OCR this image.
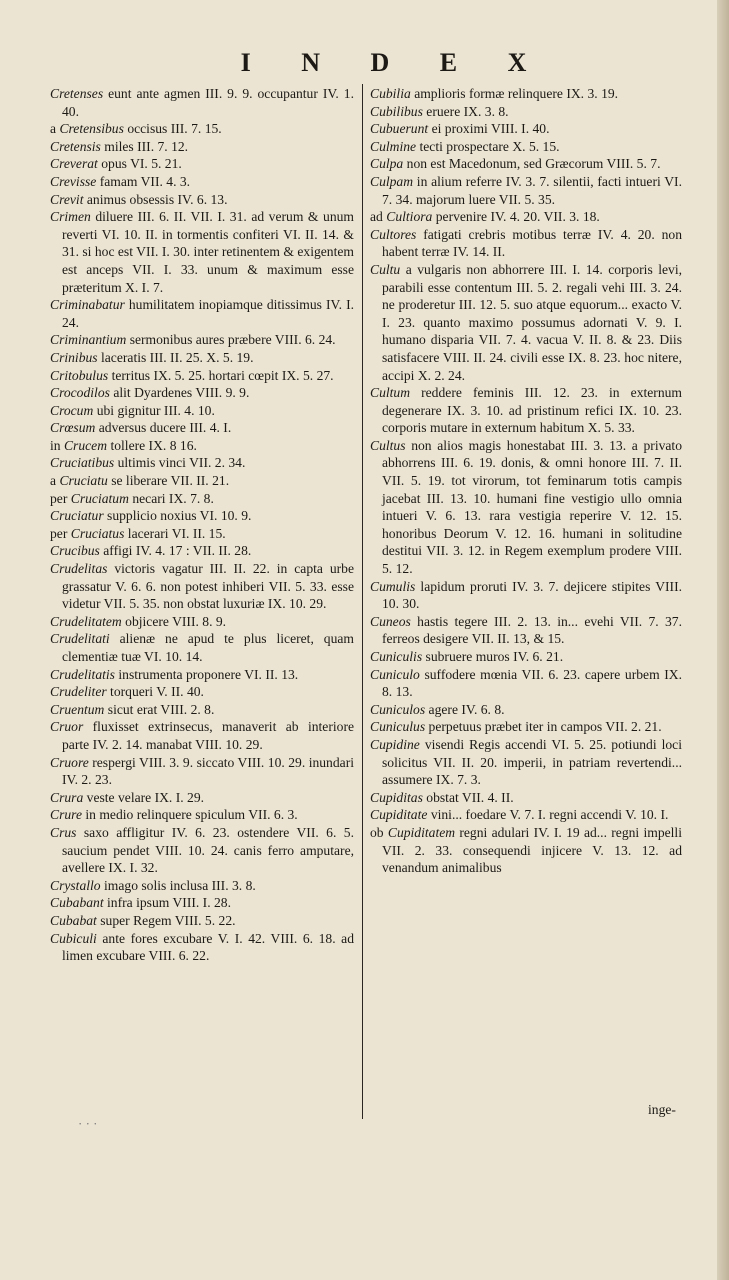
I N D E X
Cretenses eunt ante agmen III. 9. 9. occupantur IV. 1. 40.
a Cretensibus occisus III. 7. 15.
Cretensis miles III. 7. 12.
Creverat opus VI. 5. 21.
Crevisse famam VII. 4. 3.
Crevit animus obsessis IV. 6. 13.
Crimen diluere III. 6. II. VII. I. 31. ad verum & unum reverti VI. 10. II. in tormentis confiteri VI. II. 14. & 31. si hoc est VII. I. 30. inter retinentem & exigentem est anceps VII. I. 33. unum & maximum esse præteritum X. I. 7.
Criminabatur humilitatem inopiamque ditissimus IV. I. 24.
Criminantium sermonibus aures præbere VIII. 6. 24.
Crinibus laceratis III. II. 25. X. 5. 19.
Critobulus territus IX. 5. 25. hortari cœpit IX. 5. 27.
Crocodilos alit Dyardenes VIII. 9. 9.
Crocum ubi gignitur III. 4. 10.
Crœsum adversus ducere III. 4. I.
in Crucem tollere IX. 8 16.
Cruciatibus ultimis vinci VII. 2. 34.
a Cruciatu se liberare VII. II. 21.
per Cruciatum necari IX. 7. 8.
Cruciatur supplicio noxius VI. 10. 9.
per Cruciatus lacerari VI. II. 15.
Crucibus affigi IV. 4. 17 : VII. II. 28.
Crudelitas victoris vagatur III. II. 22. in capta urbe grassatur V. 6. 6. non potest inhiberi VII. 5. 33. esse videtur VII. 5. 35. non obstat luxuriæ IX. 10. 29.
Crudelitatem objicere VIII. 8. 9.
Crudelitati alienæ ne apud te plus liceret, quam clementiæ tuæ VI. 10. 14.
Crudelitatis instrumenta proponere VI. II. 13.
Crudeliter torqueri V. II. 40.
Cruentum sicut erat VIII. 2. 8.
Cruor fluxisset extrinsecus, manaverit ab interiore parte IV. 2. 14. manabat VIII. 10. 29.
Cruore respergi VIII. 3. 9. siccato VIII. 10. 29. inundari IV. 2. 23.
Crura veste velare IX. I. 29.
Crure in medio relinquere spiculum VII. 6. 3.
Crus saxo affligitur IV. 6. 23. ostendere VII. 6. 5. saucium pendet VIII. 10. 24. canis ferro amputare, avellere IX. I. 32.
Crystallo imago solis inclusa III. 3. 8.
Cubabant infra ipsum VIII. I. 28.
Cubabat super Regem VIII. 5. 22.
Cubiculi ante fores excubare V. I. 42. VIII. 6. 18. ad limen excubare VIII. 6. 22.
Cubilia amplioris formæ relinquere IX. 3. 19.
Cubilibus eruere IX. 3. 8.
Cubuerunt ei proximi VIII. I. 40.
Culmine tecti prospectare X. 5. 15.
Culpa non est Macedonum, sed Græcorum VIII. 5. 7.
Culpam in alium referre IV. 3. 7. silentii, facti intueri VI. 7. 34. majorum luere VII. 5. 35.
ad Cultiora pervenire IV. 4. 20. VII. 3. 18.
Cultores fatigati crebris motibus terræ IV. 4. 20. non habent terræ IV. 14. II.
Cultu a vulgaris non abhorrere III. I. 14. corporis levi, parabili esse contentum III. 5. 2. regali vehi III. 3. 24. ne proderetur III. 12. 5. suo atque equorum... exacto V. I. 23. quanto maximo possumus adornati V. 9. I. humano disparia VII. 7. 4. vacua V. II. 8. & 23. Diis satisfacere VIII. II. 24. civili esse IX. 8. 23. hoc nitere, accipi X. 2. 24.
Cultum reddere feminis III. 12. 23. in externum degenerare IX. 3. 10. ad pristinum refici IX. 10. 23. corporis mutare in externum habitum X. 5. 33.
Cultus non alios magis honestabat III. 3. 13. a privato abhorrens III. 6. 19. donis, & omni honore III. 7. II. VII. 5. 19. tot virorum, tot feminarum totis campis jacebat III. 13. 10. humani fine vestigio ullo omnia intueri V. 6. 13. rara vestigia reperire V. 12. 15. honoribus Deorum V. 12. 16. humani in solitudine destitui VII. 3. 12. in Regem exemplum prodere VIII. 5. 12.
Cumulis lapidum proruti IV. 3. 7. dejicere stipites VIII. 10. 30.
Cuneos hastis tegere III. 2. 13. in... evehi VII. 7. 37. ferreos desigere VII. II. 13, & 15.
Cuniculis subruere muros IV. 6. 21.
Cuniculo suffodere mœnia VII. 6. 23. capere urbem IX. 8. 13.
Cuniculos agere IV. 6. 8.
Cuniculus perpetuus præbet iter in campos VII. 2. 21.
Cupidine visendi Regis accendi VI. 5. 25. potiundi loci solicitus VII. II. 20. imperii, in patriam revertendi... assumere IX. 7. 3.
Cupiditas obstat VII. 4. II.
Cupiditate vini... foedare V. 7. I. regni accendi V. 10. I.
ob Cupiditatem regni adulari IV. I. 19 ad... regni impelli VII. 2. 33. consequendi injicere V. 13. 12. ad venandum animalibus
· · ·
inge-
